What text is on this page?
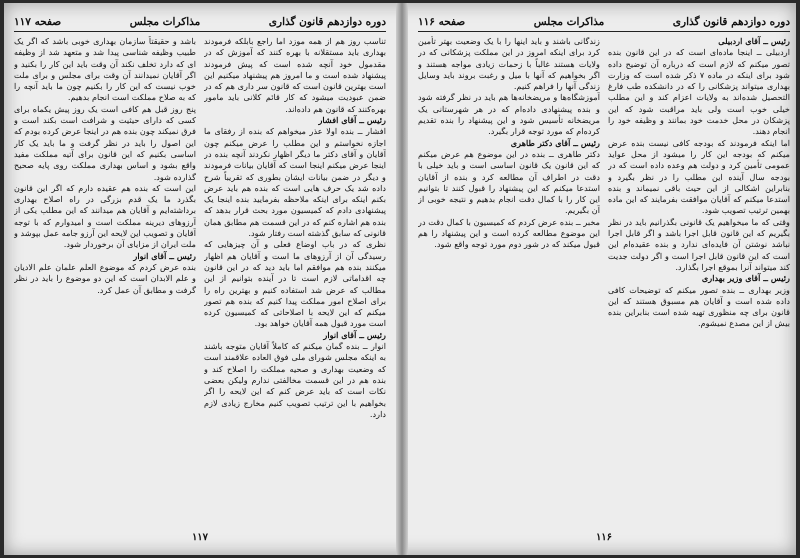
دوره دوازدهم قانون گذاری
مذاکرات مجلس
صفحه ۱۱۷

تناسب روز هم از همه موزد اما راجع بابلکه فرمودند بهداری باید مستقلانه با بهره کنند که آموزش که در مقدمول خود آنچه شده است که پیش فرمودند پیشنهاد شده است و ما امروز هم پیشنهاد میکنیم این است بهترین قانون است که قانون سر داری هم که در ضمن عبودیت میشود که کار قائم کلانی باید مامور بهره‌کنند که قانون هم داده‌اند.

رئیس ــ آقای افشار

افشار ــ بنده اولا عذر میخواهم که بنده از رفقای ما اجازه نخواستم و این مطلب را عرض میکنم چون آقایان و آقای دکتر ما دیگر اظهار نکردند آنچه بنده در اینجا عرض میکنم اینجا است که آقایان بیانات فرمودند و دیگر در ضمن بیانات ایشان بطوری که تقریباً شرح داده شد یک حرف هایی است که بنده هم باید عرض بکنم اینکه برای اینکه ملاحظه بفرمایید بنده اینجا یک پیشنهادی دادم که کمیسیون مورد بحث قرار بدهد که بنده هم اشاره کنم که در این قسمت هم مطابق همان قانونی که سابق گذشته است رفتار شود.

نظری که در باب اوضاع فعلی و آن چیزهایی که رسیدگی آن از آرزوهای ما است و آقایان هم اظهار میکنند بنده هم موافقم اما باید دید که در این قانون چه اقداماتی لازم است تا در آینده بتوانیم از این مطالب که عرض شد استفاده کنیم و بهترین راه را برای اصلاح امور مملکت پیدا کنیم که بنده هم تصور میکنم که این لایحه با اصلاحاتی که کمیسیون کرده است مورد قبول همه آقایان خواهد بود.

رئیس ــ آقای انوار

انوار ــ بنده گمان میکنم که کاملاً آقایان متوجه باشند به اینکه مجلس شورای ملی فوق العاده علاقمند است که وضعیت بهداری و صحیه مملکت را اصلاح کند و بنده هم در این قسمت مخالفتی ندارم ولیکن بعضی نکات است که باید عرض کنم که این لایحه را اگر بخواهیم با این ترتیب تصویب کنیم مخارج زیادی لازم دارد.

باشد و حقیقتاً سازمان بهداری خوبی باشد که اگر یک طبیب وظیفه شناسی پیدا شد و متعهد شد از وظیفه ای که دارد تخلف نکند آن وقت باید این کار را بکنید و اگر آقایان نمیدانند آن وقت برای مجلس و برای ملت خوب نیست که این کار را بکنیم چون ما باید آنچه را که به صلاح مملکت است انجام بدهیم.

پنج روز قبل هم کافی است یک روز پیش یکماه برای کسی که دارای حیثیت و شرافت است بکند است و فرق نمیکند چون بنده هم در اینجا عرض کرده بودم که این اصول را باید در نظر گرفت و ما باید یک کار اساسی بکنیم که این قانون برای آتیه مملکت مفید واقع بشود و اساس بهداری مملکت روی پایه صحیح گذارده شود.

این است که بنده هم عقیده دارم که اگر این قانون بگذرد ما یک قدم بزرگی در راه اصلاح بهداری برداشته‌ایم و آقایان هم میدانند که این مطلب یکی از آرزوهای دیرینه مملکت است و امیدوارم که با توجه آقایان و تصویب این لایحه این آرزو جامه عمل بپوشد و ملت ایران از مزایای آن برخوردار شود.

رئیس ــ آقای انوار

بنده عرض کردم که موضوع العلم علمان علم الادیان و علم الابدان است که این دو موضوع را باید در نظر گرفت و مطابق آن عمل کرد.

۱۱۷
دوره دوازدهم قانون گذاری
مذاکرات مجلس
صفحه ۱۱۶

رئیس ــ آقای اردبیلی

اردبیلی ــ اینجا ماده‌ای است که در این قانون بنده تصور میکنم که لازم است که درباره آن توضیح داده شود برای اینکه در ماده ۷ ذکر شده است که وزارت بهداری میتواند پزشکانی را که در دانشکده طب فارغ التحصیل شده‌اند به ولایات اعزام کند و این مطلب خیلی خوب است ولی باید مراقبت شود که این پزشکان در محل خدمت خود بمانند و وظیفه خود را انجام دهند.

اما اینکه فرمودند که بودجه کافی نیست بنده عرض میکنم که بودجه این کار را میشود از محل عواید عمومی تأمین کرد و دولت هم وعده داده است که در بودجه سال آینده این مطلب را در نظر بگیرد و بنابراین اشکالی از این حیث باقی نمیماند و بنده استدعا میکنم که آقایان موافقت بفرمایند که این ماده بهمین ترتیب تصویب شود.

وقتی که ما میخواهیم یک قانونی بگذرانیم باید در نظر بگیریم که این قانون قابل اجرا باشد و اگر قابل اجرا نباشد نوشتن آن فایده‌ای ندارد و بنده عقیده‌ام این است که این قانون قابل اجرا است و اگر دولت جدیت کند میتواند آنرا بموقع اجرا بگذارد.

رئیس ــ آقای وزیر بهداری

وزیر بهداری ــ بنده تصور میکنم که توضیحات کافی داده شده است و آقایان هم مسبوق هستند که این قانون برای چه منظوری تهیه شده است بنابراین بنده بیش از این مصدع نمیشوم.

زندگانی باشند و باید اینها را با یک وضعیت بهتر تأمین کرد برای اینکه امروز در این مملکت پزشکانی که در ولایات هستند غالباً با زحمات زیادی مواجه هستند و اگر بخواهیم که آنها با میل و رغبت بروند باید وسایل زندگی آنها را فراهم کنیم.

آموزشگاه‌ها و مریضخانه‌ها هم باید در نظر گرفته شود و بنده پیشنهادی داده‌ام که در هر شهرستانی یک مریضخانه تأسیس شود و این پیشنهاد را بنده تقدیم کرده‌ام که مورد توجه قرار بگیرد.

رئیس ــ آقای دکتر طاهری

دکتر طاهری ــ بنده در این موضوع هم عرض میکنم که این قانون یک قانون اساسی است و باید خیلی با دقت در اطراف آن مطالعه کرد و بنده از آقایان استدعا میکنم که این پیشنهاد را قبول کنند تا بتوانیم این کار را با کمال دقت انجام بدهیم و نتیجه خوبی از آن بگیریم.

مخبر ــ بنده عرض کردم که کمیسیون با کمال دقت در این موضوع مطالعه کرده است و این پیشنهاد را هم قبول میکند که در شور دوم مورد توجه واقع شود.

۱۱۶
